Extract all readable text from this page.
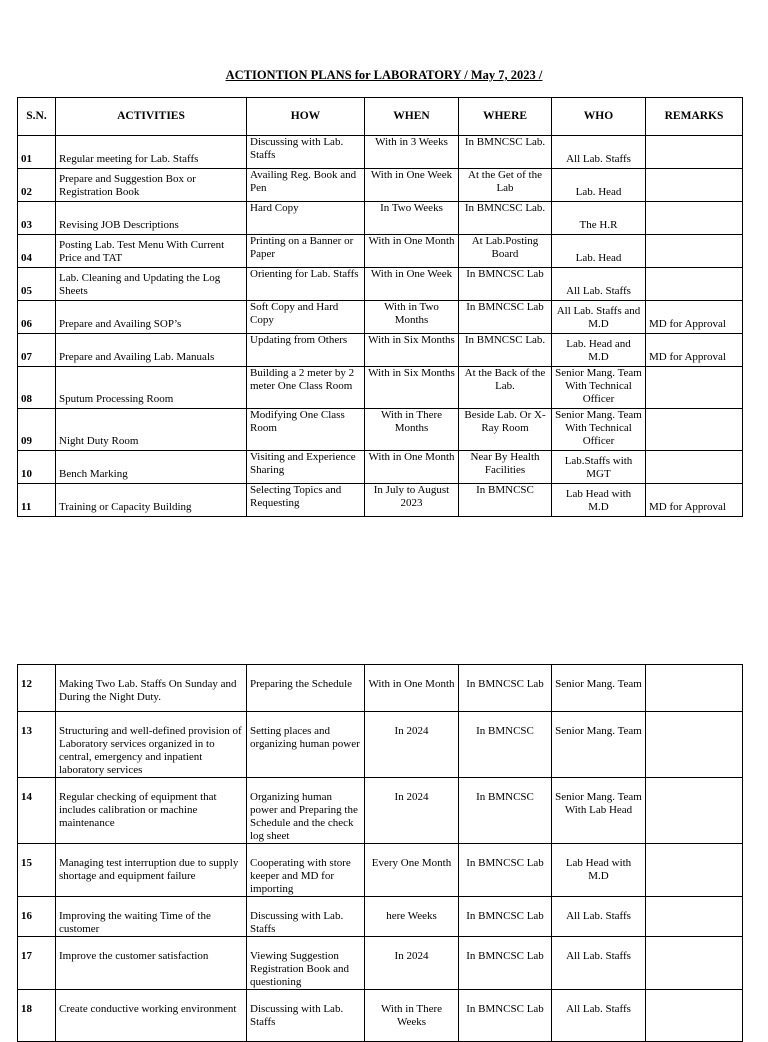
ACTIONTION PLANS for LABORATORY / May 7, 2023 /
S.N.	ACTIVITIES	HOW	WHEN	WHERE	WHO	REMARKS
01	Regular meeting for Lab. Staffs	Discussing with Lab. Staffs	With in 3 Weeks	In BMNCSC Lab.	All Lab. Staffs	
02	Prepare and Suggestion Box or Registration Book	Availing Reg. Book and Pen	With in One Week	At the Get of the Lab	Lab. Head	
03	Revising JOB Descriptions	Hard Copy	In Two Weeks	In BMNCSC Lab.	The H.R	
04	Posting Lab. Test Menu With Current Price and TAT	Printing on a Banner or Paper	With in One Month	At Lab.Posting Board	Lab. Head	
05	Lab. Cleaning and Updating the Log Sheets	Orienting for Lab. Staffs	With in One Week	In BMNCSC Lab	All Lab. Staffs	
06	Prepare and Availing SOP’s	Soft Copy and Hard Copy	With in Two Months	In BMNCSC Lab	All Lab. Staffs and M.D	MD for Approval
07	Prepare and Availing Lab. Manuals	Updating from Others	With in Six Months	In BMNCSC Lab.	Lab. Head and M.D	MD for Approval
08	Sputum Processing Room	Building a 2 meter by 2 meter One Class Room	With in Six Months	At the Back of the Lab.	Senior Mang. Team With Technical Officer	
09	Night Duty Room	Modifying One Class Room	With in There Months	Beside Lab. Or X-Ray Room	Senior Mang. Team With Technical Officer	
10	Bench Marking	Visiting and Experience Sharing	With in One Month	Near By Health Facilities	Lab.Staffs with MGT	
11	Training or Capacity Building	Selecting Topics and Requesting	In July to August 2023	In BMNCSC	Lab Head with M.D	MD for Approval
12	Making Two Lab. Staffs On Sunday and During the Night Duty.	Preparing the Schedule	With in One Month	In BMNCSC Lab	Senior Mang. Team	
13	Structuring and well-defined provision of Laboratory services organized in to central, emergency and inpatient laboratory services	Setting places and organizing human power	In 2024	In BMNCSC	Senior Mang. Team	
14	Regular checking of equipment that includes calibration or machine maintenance	Organizing human power and Preparing the Schedule and the check log sheet	In 2024	In BMNCSC	Senior Mang. Team With Lab Head	
15	Managing test interruption due to supply shortage and equipment failure	Cooperating with store keeper and MD for importing	Every One Month	In BMNCSC Lab	Lab Head with M.D	
16	Improving the waiting Time of the customer	Discussing with Lab. Staffs	here Weeks	In BMNCSC Lab	All Lab. Staffs	
17	Improve the customer satisfaction	Viewing Suggestion Registration Book and questioning	In 2024	In BMNCSC Lab	All Lab. Staffs	
18	Create conductive working environment	Discussing with Lab. Staffs	With in There Weeks	In BMNCSC Lab	All Lab. Staffs	
